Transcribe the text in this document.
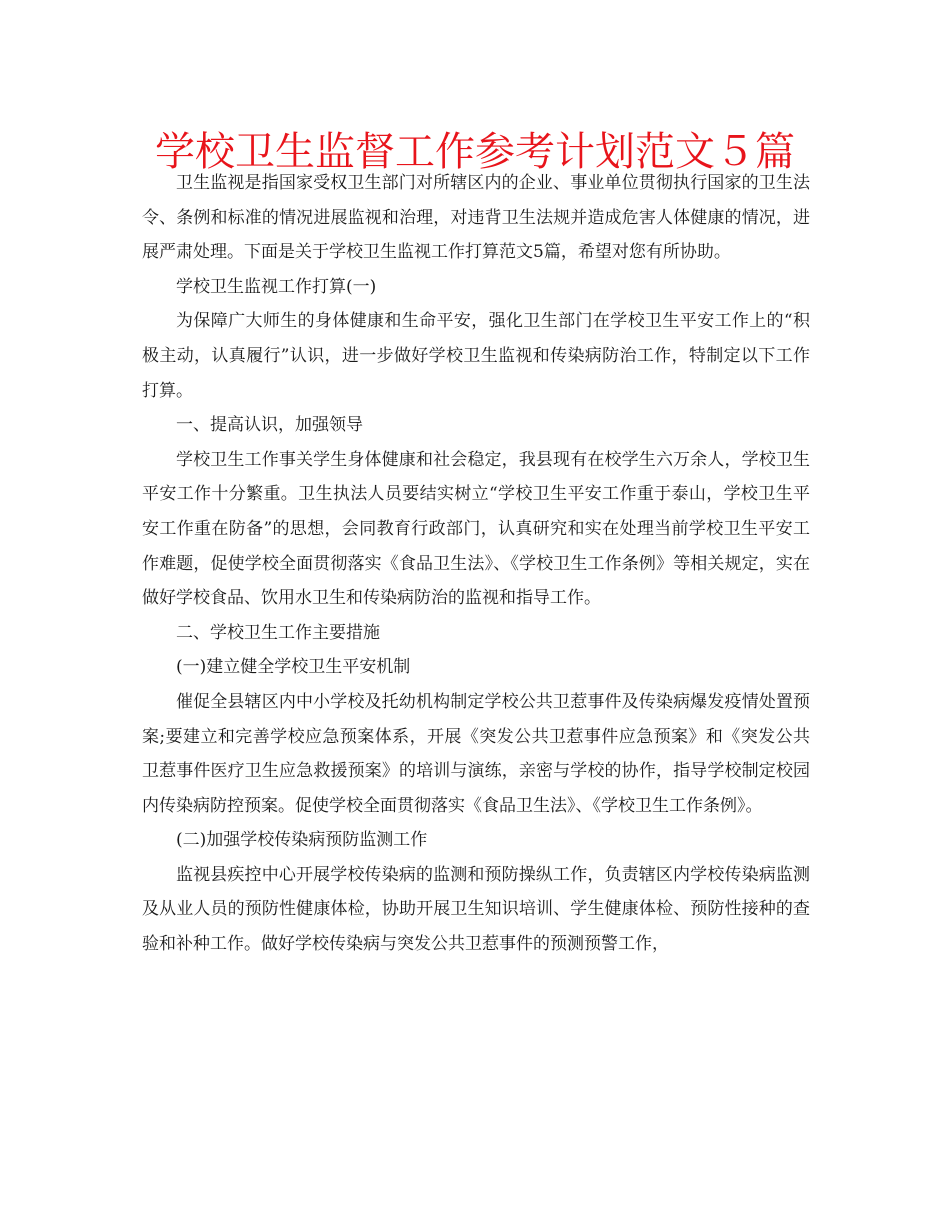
学校卫生监督工作参考计划范文５篇

卫生监视是指国家受权卫生部门对所辖区内的企业、事业单位贯彻执行国家的卫生法令、条例和标准的情况进展监视和治理，对违背卫生法规并造成危害人体健康的情况，进展严肃处理。下面是关于学校卫生监视工作打算范文5篇，希望对您有所协助。

学校卫生监视工作打算(一)

为保障广大师生的身体健康和生命平安，强化卫生部门在学校卫生平安工作上的“积极主动，认真履行”认识，进一步做好学校卫生监视和传染病防治工作，特制定以下工作打算。

一、提高认识，加强领导

学校卫生工作事关学生身体健康和社会稳定，我县现有在校学生六万余人，学校卫生平安工作十分繁重。卫生执法人员要结实树立“学校卫生平安工作重于泰山，学校卫生平安工作重在防备”的思想，会同教育行政部门，认真研究和实在处理当前学校卫生平安工作难题，促使学校全面贯彻落实《食品卫生法》、《学校卫生工作条例》等相关规定，实在做好学校食品、饮用水卫生和传染病防治的监视和指导工作。

二、学校卫生工作主要措施

(一)建立健全学校卫生平安机制

催促全县辖区内中小学校及托幼机构制定学校公共卫惹事件及传染病爆发疫情处置预案;要建立和完善学校应急预案体系，开展《突发公共卫惹事件应急预案》和《突发公共卫惹事件医疗卫生应急救援预案》的培训与演练，亲密与学校的协作，指导学校制定校园内传染病防控预案。促使学校全面贯彻落实《食品卫生法》、《学校卫生工作条例》。

(二)加强学校传染病预防监测工作

监视县疾控中心开展学校传染病的监测和预防操纵工作，负责辖区内学校传染病监测及从业人员的预防性健康体检，协助开展卫生知识培训、学生健康体检、预防性接种的查验和补种工作。做好学校传染病与突发公共卫惹事件的预测预警工作，
